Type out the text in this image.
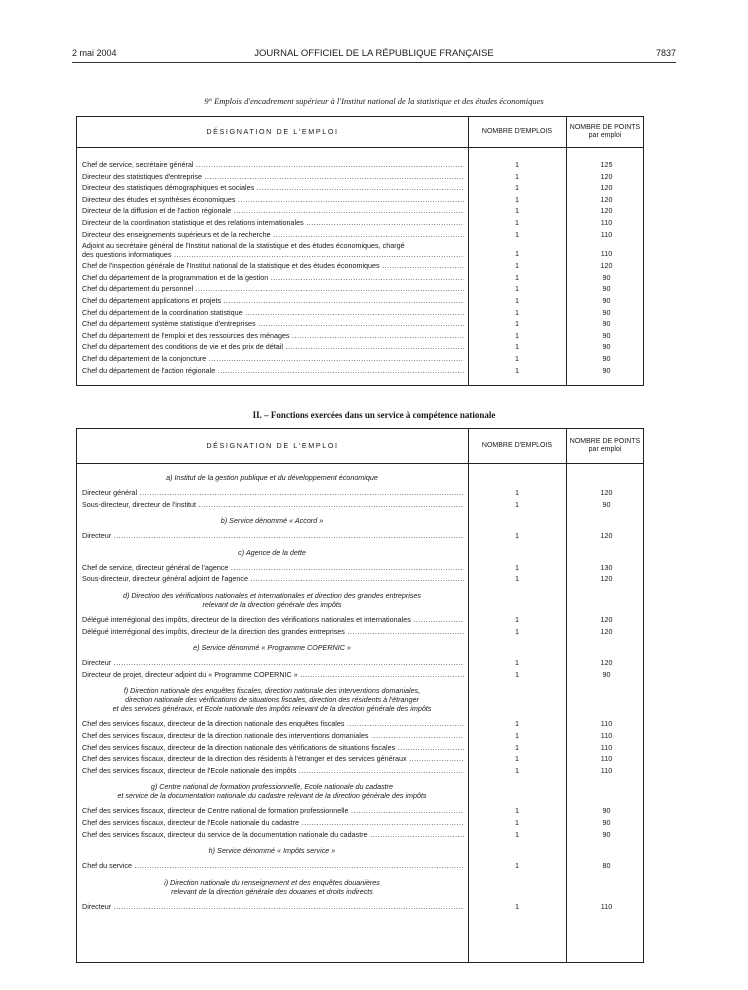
2 mai 2004	JOURNAL OFFICIEL DE LA RÉPUBLIQUE FRANÇAISE	7837
9° Emplois d'encadrement supérieur à l'Institut national de la statistique et des études économiques
DÉSIGNATION DE L'EMPLOI	NOMBRE D'EMPLOIS
NOMBRE DE POINTS
par emploi
Chef de service, secrétaire général .....	1	125
Directeur des statistiques d'entreprise .....	1	120
Directeur des statistiques démographiques et sociales .....	1	120
Directeur des études et synthèses économiques .....	1	120
Directeur de la diffusion et de l'action régionale .....	1	120
Directeur de la coordination statistique et des relations internationales .....	1	110
Directeur des enseignements supérieurs et de la recherche .....	1	110
Adjoint au secrétaire général de l'Institut national de la statistique et des études économiques, chargé
des questions informatiques .....	1	110
Chef de l'inspection générale de l'Institut national de la statistique et des études économiques .....	1	120
Chef du département de la programmation et de la gestion .....	1	90
Chef du département du personnel .....	1	90
Chef du département applications et projets .....	1	90
Chef du département de la coordination statistique .....	1	90
Chef du département système statistique d'entreprises .....	1	90
Chef du département de l'emploi et des ressources des ménages .....	1	90
Chef du département des conditions de vie et des prix de détail .....	1	90
Chef du département de la conjoncture .....	1	90
Chef du département de l'action régionale .....	1	90
II. – Fonctions exercées dans un service à compétence nationale
DÉSIGNATION DE L'EMPLOI	NOMBRE D'EMPLOIS
NOMBRE DE POINTS
par emploi
a) Institut de la gestion publique et du développement économique
Directeur général .....	1	120
Sous-directeur, directeur de l'institut .....	1	90
b) Service dénommé « Accord »
Directeur .....	1	120
c) Agence de la dette
Chef de service, directeur général de l'agence .....	1	130
Sous-directeur, directeur général adjoint de l'agence .....	1	120
d) Direction des vérifications nationales et internationales et direction des grandes entreprises
relevant de la direction générale des impôts
Délégué interrégional des impôts, directeur de la direction des vérifications nationales et internationales .....	1	120
Délégué interrégional des impôts, directeur de la direction des grandes entreprises .....	1	120
e) Service dénommé « Programme COPERNIC »
Directeur .....	1	120
Directeur de projet, directeur adjoint du « Programme COPERNIC » .....	1	90
f) Direction nationale des enquêtes fiscales, direction nationale des interventions domaniales,
direction nationale des vérifications de situations fiscales, direction des résidents à l'étranger
et des services généraux, et Ecole nationale des impôts relevant de la direction générale des impôts
Chef des services fiscaux, directeur de la direction nationale des enquêtes fiscales .....	1	110
Chef des services fiscaux, directeur de la direction nationale des interventions domaniales .....	1	110
Chef des services fiscaux, directeur de la direction nationale des vérifications de situations fiscales .....	1	110
Chef des services fiscaux, directeur de la direction des résidents à l'étranger et des services généraux .....	1	110
Chef des services fiscaux, directeur de l'Ecole nationale des impôts .....	1	110
g) Centre national de formation professionnelle, Ecole nationale du cadastre
et service de la documentation nationale du cadastre relevant de la direction générale des impôts
Chef des services fiscaux, directeur de Centre national de formation professionnelle .....	1	90
Chef des services fiscaux, directeur de l'Ecole nationale du cadastre .....	1	90
Chef des services fiscaux, directeur du service de la documentation nationale du cadastre .....	1	90
h) Service dénommé « Impôts service »
Chef du service .....	1	80
i) Direction nationale du renseignement et des enquêtes douanières
relevant de la direction générale des douanes et droits indirects
Directeur .....	1	110
